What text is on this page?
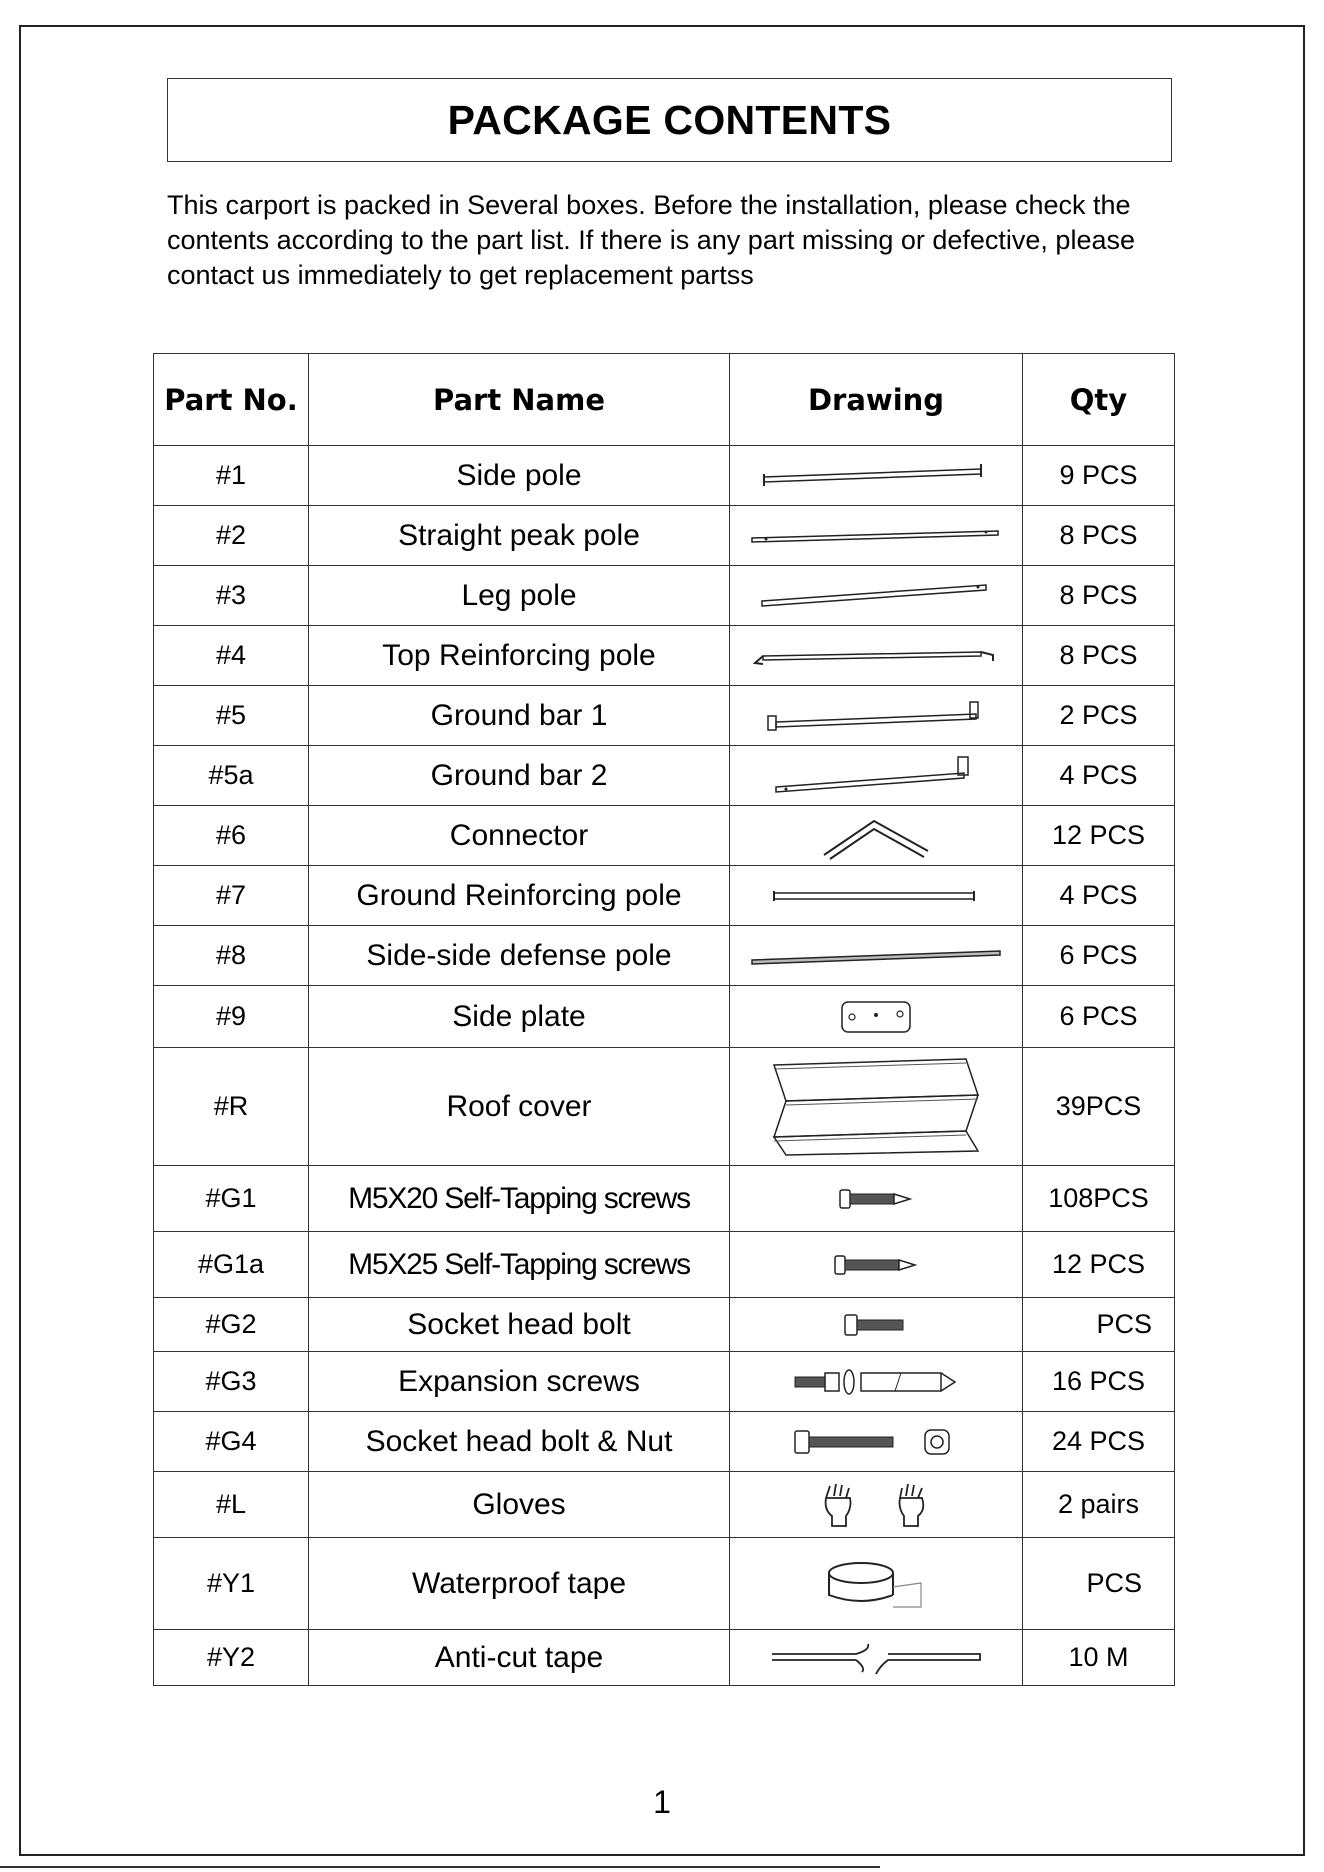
PACKAGE CONTENTS

This carport is packed in Several boxes. Before the installation, please check the contents according to the part list. If there is any part missing or defective, please contact us immediately to get replacement partss

Part No.	Part Name	Drawing	Qty
#1	Side pole		9 PCS
#2	Straight peak pole		8 PCS
#3	Leg pole		8 PCS
#4	Top Reinforcing pole		8 PCS
#5	Ground bar 1		2 PCS
#5a	Ground bar 2		4 PCS
#6	Connector		12 PCS
#7	Ground Reinforcing pole		4 PCS
#8	Side-side defense pole		6 PCS
#9	Side plate		6 PCS
#R	Roof cover		39PCS
#G1	M5X20 Self-Tapping screws		108PCS
#G1a	M5X25 Self-Tapping screws		12 PCS
#G2	Socket head bolt		PCS
#G3	Expansion screws		16 PCS
#G4	Socket head bolt & Nut		24 PCS
#L	Gloves		2 pairs
#Y1	Waterproof tape		PCS
#Y2	Anti-cut tape		10 M
1
